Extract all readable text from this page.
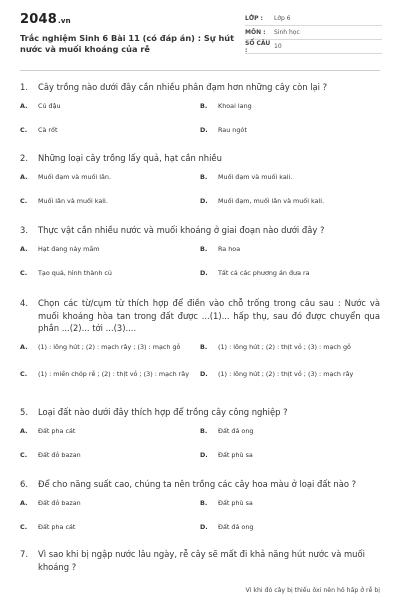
2048.vn
Trắc nghiệm Sinh 6 Bài 11 (có đáp án) : Sự hút nước và muối khoáng của rễ
LỚP :	Lớp 6
MÔN :	Sinh học
SỐ CÂU :	10
1. Cây trồng nào dưới đây cần nhiều phân đạm hơn những cây còn lại ?
A.	Củ đậu	B.	Khoai lang
C.	Cà rốt	D.	Rau ngót
2. Những loại cây trồng lấy quả, hạt cần nhiều
A.	Muối đạm và muối lân.	B.	Muối đạm và muối kali.
C.	Muối lân và muối kali.	D.	Muối đạm, muối lân và muối kali.
3. Thực vật cần nhiều nước và muối khoáng ở giai đoạn nào dưới đây ?
A.	Hạt đang nảy mầm	B.	Ra hoa
C.	Tạo quả, hình thành củ	D.	Tất cả các phương án đưa ra
4. Chọn các từ/cụm từ thích hợp để điền vào chỗ trống trong câu sau : Nước và muối khoáng hòa tan trong đất được ...(1)... hấp thụ, sau đó được chuyển qua phần ...(2)... tới ...(3)....
A.	(1) : lông hút ; (2) : mạch rây ; (3) : mạch gỗ	B.	(1) : lông hút ; (2) : thịt vỏ ; (3) : mạch gỗ
C.	(1) : miền chóp rễ ; (2) : thịt vỏ ; (3) : mạch rây D.	(1) : lông hút ; (2) : thịt vỏ ; (3) : mạch rây
5. Loại đất nào dưới đây thích hợp để trồng cây công nghiệp ?
A.	Đất pha cát	B.	Đất đá ong
C.	Đất đỏ bazan	D.	Đất phù sa
6. Để cho năng suất cao, chúng ta nên trồng các cây hoa màu ở loại đất nào ?
A.	Đất đỏ bazan	B.	Đất phù sa
C.	Đất pha cát	D.	Đất đá ong
7. Vì sao khi bị ngập nước lâu ngày, rễ cây sẽ mất đi khả năng hút nước và muối khoáng ?
Vì khi đó cây bị thiếu ôxi nên hô hấp ở rễ bị
